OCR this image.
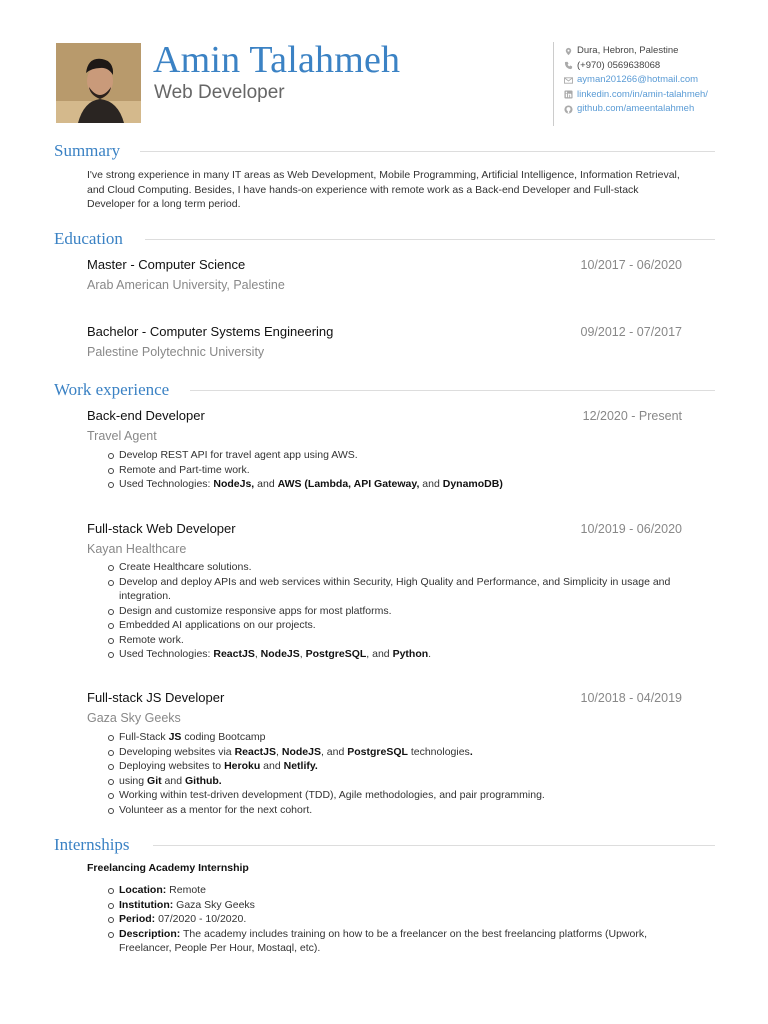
Amin Talahmeh
Web Developer
Dura, Hebron, Palestine
(+970) 0569638068
ayman201266@hotmail.com
linkedin.com/in/amin-talahmeh/
github.com/ameentalahmeh
Summary
I've strong experience in many IT areas as Web Development, Mobile Programming, Artificial Intelligence, Information Retrieval, and Cloud Computing. Besides, I have hands-on experience with remote work as a Back-end Developer and Full-stack Developer for a long term period.
Education
Master - Computer Science	10/2017 - 06/2020
Arab American University, Palestine
Bachelor - Computer Systems Engineering	09/2012 - 07/2017
Palestine Polytechnic University
Work experience
Back-end Developer	12/2020 - Present
Travel Agent
Develop REST API for travel agent app using AWS.
Remote and Part-time work.
Used Technologies: NodeJs, and AWS (Lambda, API Gateway, and DynamoDB)
Full-stack Web Developer	10/2019 - 06/2020
Kayan Healthcare
Create Healthcare solutions.
Develop and deploy APIs and web services within Security, High Quality and Performance, and Simplicity in usage and integration.
Design and customize responsive apps for most platforms.
Embedded AI applications on our projects.
Remote work.
Used Technologies: ReactJS, NodeJS, PostgreSQL, and Python.
Full-stack JS Developer	10/2018 - 04/2019
Gaza Sky Geeks
Full-Stack JS coding Bootcamp
Developing websites via ReactJS, NodeJS, and PostgreSQL technologies.
Deploying websites to Heroku and Netlify.
using Git and Github.
Working within test-driven development (TDD), Agile methodologies, and pair programming.
Volunteer as a mentor for the next cohort.
Internships
Freelancing Academy Internship
Location: Remote
Institution: Gaza Sky Geeks
Period: 07/2020 - 10/2020.
Description: The academy includes training on how to be a freelancer on the best freelancing platforms (Upwork, Freelancer, People Per Hour, Mostaql, etc).
